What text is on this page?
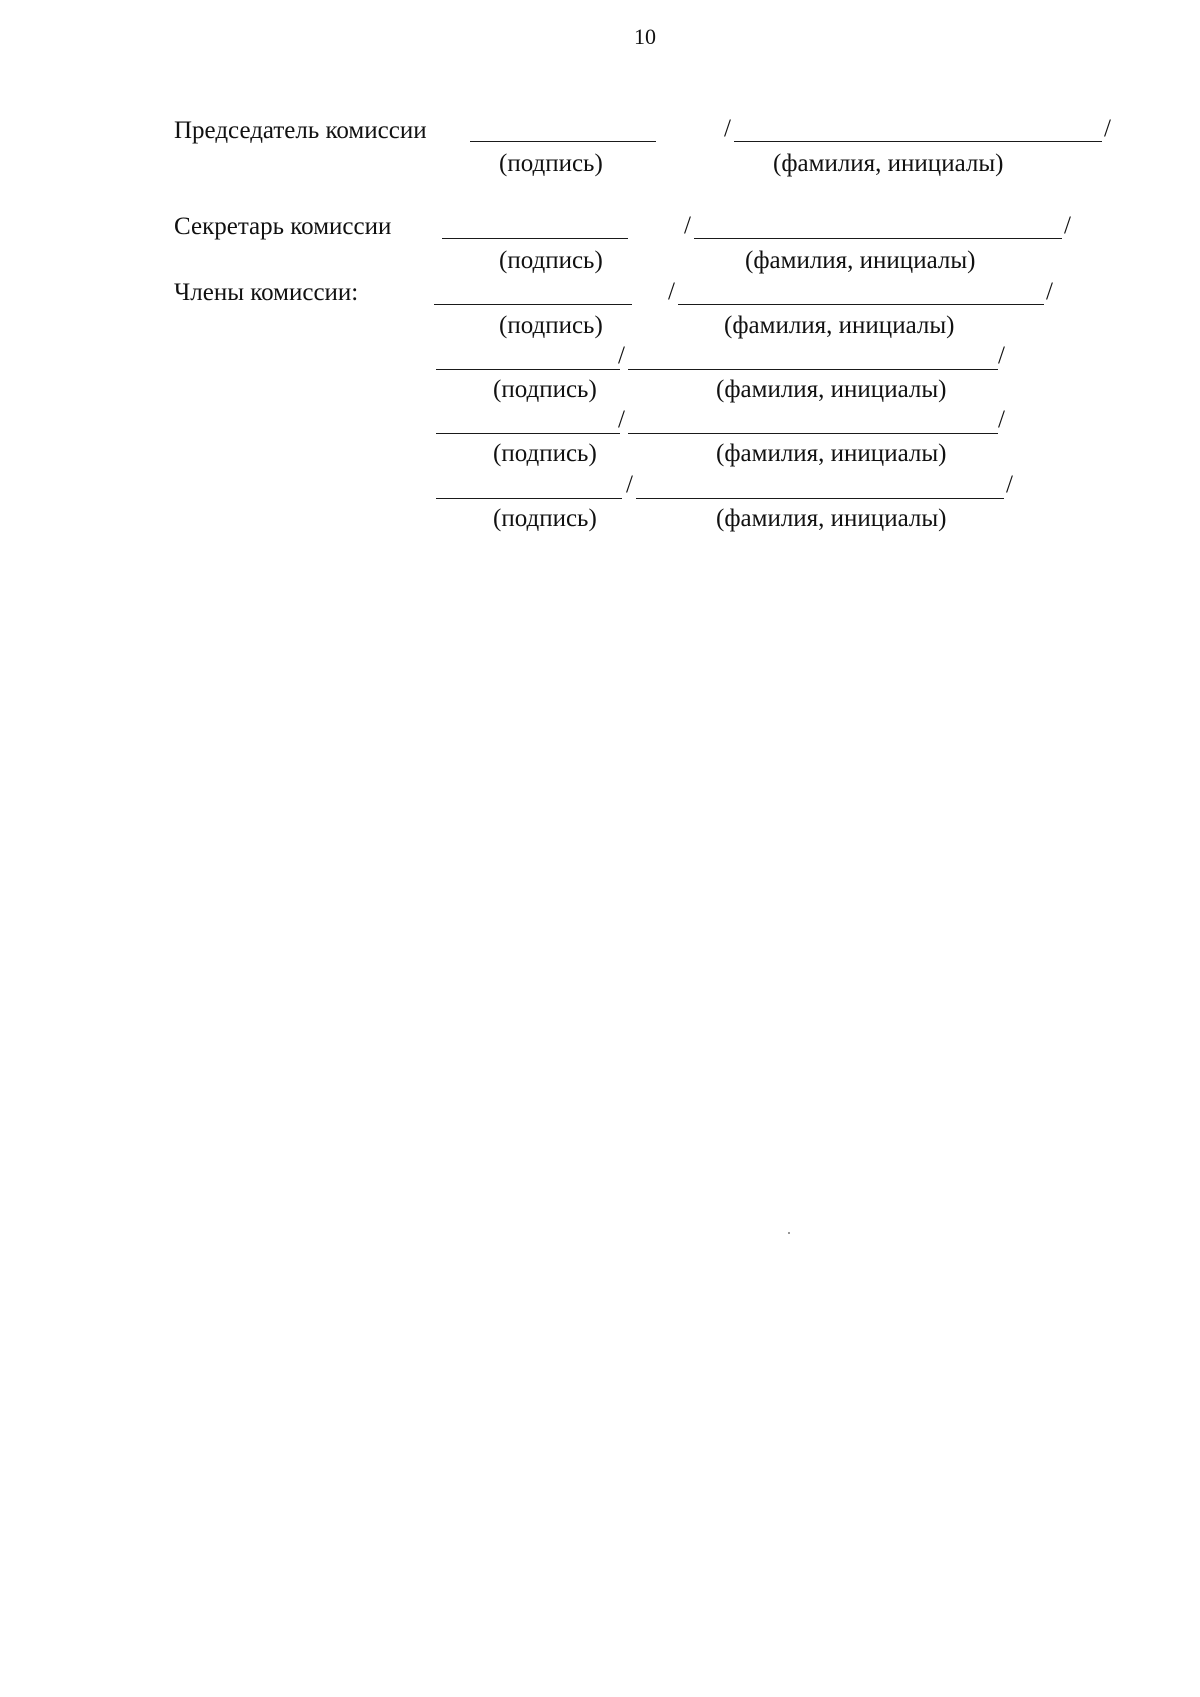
10
Председатель комиссии	/	/
(подпись)	(фамилия, инициалы)
Секретарь комиссии	/	/
(подпись)	(фамилия, инициалы)
Члены комиссии:	/	/
(подпись)	(фамилия, инициалы)
/	/
(подпись)	(фамилия, инициалы)
/	/
(подпись)	(фамилия, инициалы)
/	/
(подпись)	(фамилия, инициалы)
